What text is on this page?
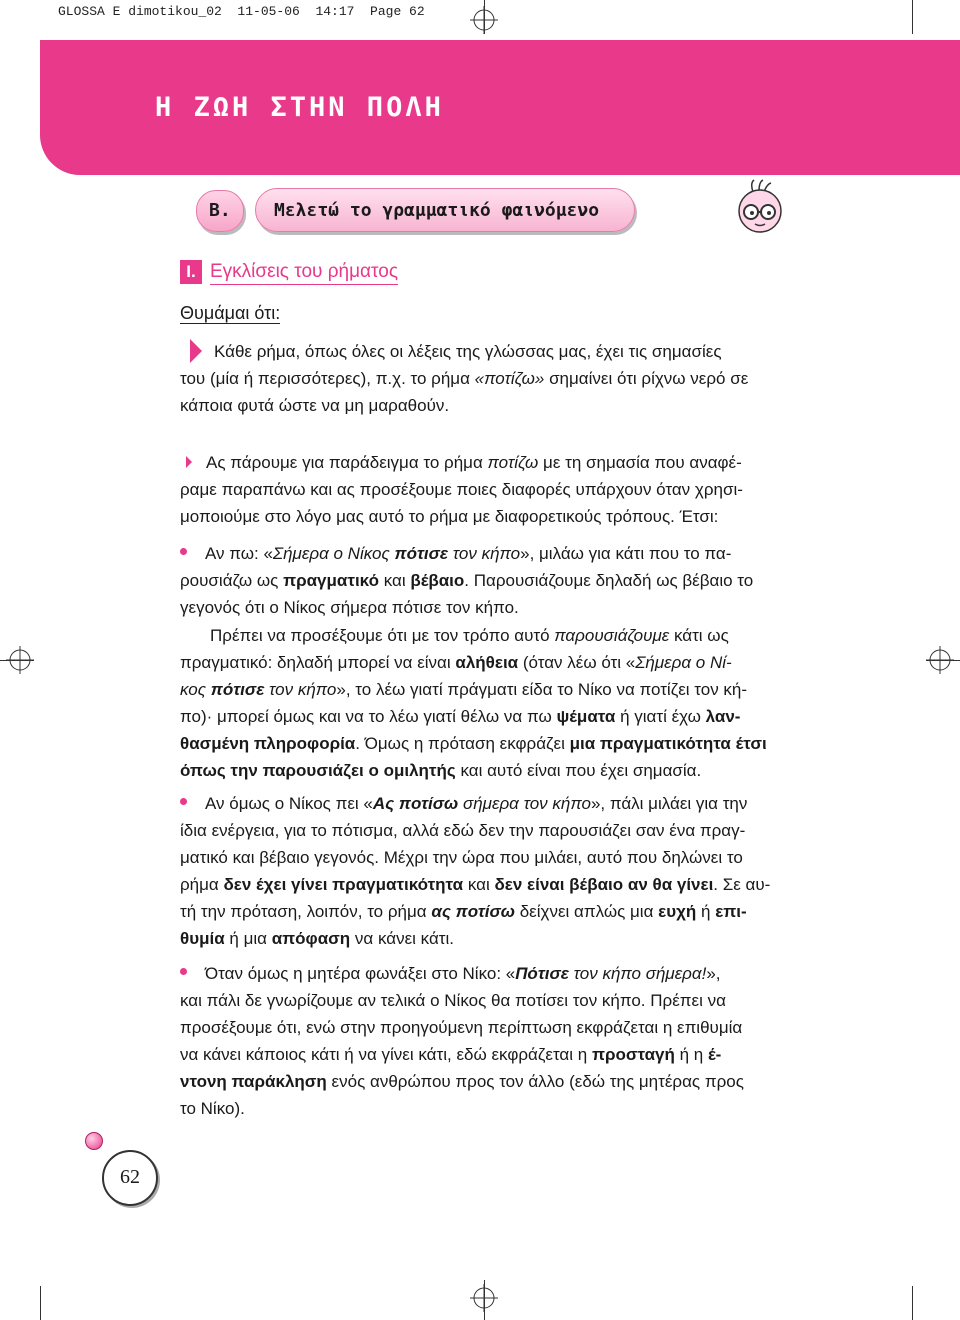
GLOSSA E dimotikou_02  11-05-06  14:17  Page 62
Η ΖΩΗ ΣΤΗΝ ΠΟΛΗ
Β. Μελετώ το γραμματικό φαινόμενο
Ι. Εγκλίσεις του ρήματος
Θυμάμαι ότι:
Κάθε ρήμα, όπως όλες οι λέξεις της γλώσσας μας, έχει τις σημασίες
του (μία ή περισσότερες), π.χ. το ρήμα «ποτίζω» σημαίνει ότι ρίχνω νερό σε
κάποια φυτά ώστε να μη μαραθούν.
Ας πάρουμε για παράδειγμα το ρήμα ποτίζω με τη σημασία που αναφέ-
ραμε παραπάνω και ας προσέξουμε ποιες διαφορές υπάρχουν όταν χρησι-
μοποιούμε στο λόγο μας αυτό το ρήμα με διαφορετικούς τρόπους. Έτσι:
Αν πω: «Σήμερα ο Νίκος πότισε τον κήπο», μιλάω για κάτι που το πα-
ρουσιάζω ως πραγματικό και βέβαιο. Παρουσιάζουμε δηλαδή ως βέβαιο το
γεγονός ότι ο Νίκος σήμερα πότισε τον κήπο.
Πρέπει να προσέξουμε ότι με τον τρόπο αυτό παρουσιάζουμε κάτι ως
πραγματικό: δηλαδή μπορεί να είναι αλήθεια (όταν λέω ότι «Σήμερα ο Νί-
κος πότισε τον κήπο», το λέω γιατί πράγματι είδα το Νίκο να ποτίζει τον κή-
πο)· μπορεί όμως και να το λέω γιατί θέλω να πω ψέματα ή γιατί έχω λαν-
θασμένη πληροφορία. Όμως η πρόταση εκφράζει μια πραγματικότητα έτσι
όπως την παρουσιάζει ο ομιλητής και αυτό είναι που έχει σημασία.
Αν όμως ο Νίκος πει «Ας ποτίσω σήμερα τον κήπο», πάλι μιλάει για την
ίδια ενέργεια, για το πότισμα, αλλά εδώ δεν την παρουσιάζει σαν ένα πραγ-
ματικό και βέβαιο γεγονός. Μέχρι την ώρα που μιλάει, αυτό που δηλώνει το
ρήμα δεν έχει γίνει πραγματικότητα και δεν είναι βέβαιο αν θα γίνει. Σε αυ-
τή την πρόταση, λοιπόν, το ρήμα ας ποτίσω δείχνει απλώς μια ευχή ή επι-
θυμία ή μια απόφαση να κάνει κάτι.
Όταν όμως η μητέρα φωνάξει στο Νίκο: «Πότισε τον κήπο σήμερα!»,
και πάλι δε γνωρίζουμε αν τελικά ο Νίκος θα ποτίσει τον κήπο. Πρέπει να
προσέξουμε ότι, ενώ στην προηγούμενη περίπτωση εκφράζεται η επιθυμία
να κάνει κάποιος κάτι ή να γίνει κάτι, εδώ εκφράζεται η προσταγή ή η έ-
ντονη παράκληση ενός ανθρώπου προς τον άλλο (εδώ της μητέρας προς
το Νίκο).
62
